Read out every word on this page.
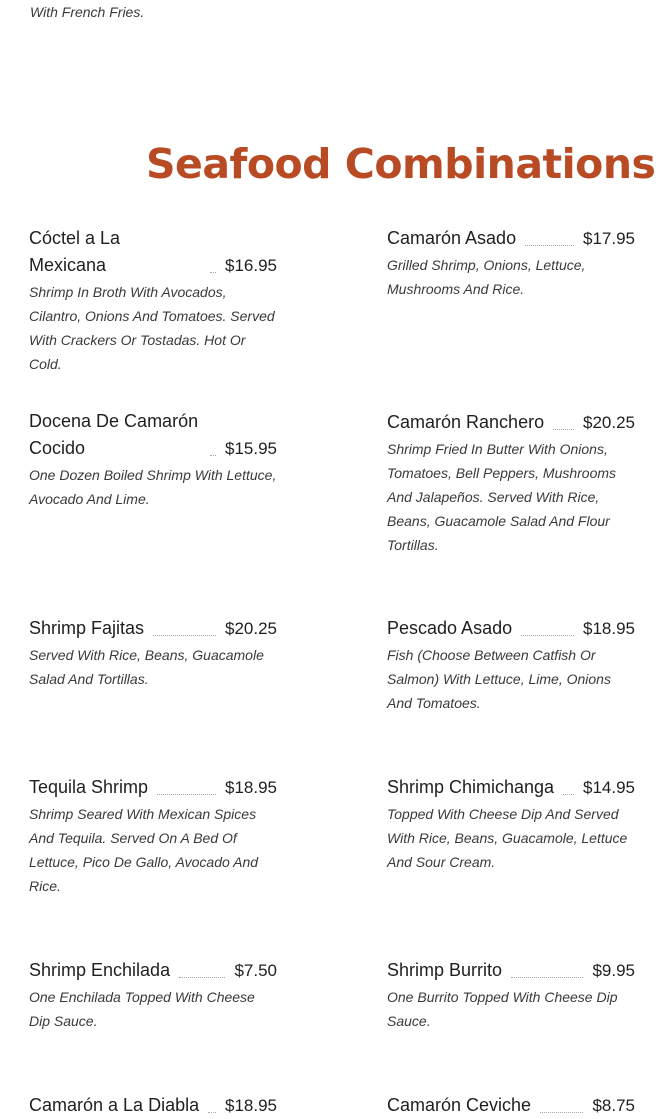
With French Fries.
Seafood Combinations
Cóctel a La Mexicana	$16.95
Shrimp In Broth With Avocados, Cilantro, Onions And Tomatoes. Served With Crackers Or Tostadas. Hot Or Cold.
Camarón Asado	$17.95
Grilled Shrimp, Onions, Lettuce, Mushrooms And Rice.
Docena De Camarón Cocido	$15.95
One Dozen Boiled Shrimp With Lettuce, Avocado And Lime.
Camarón Ranchero $20.25
Shrimp Fried In Butter With Onions, Tomatoes, Bell Peppers, Mushrooms And Jalapeños. Served With Rice, Beans, Guacamole Salad And Flour Tortillas.
Shrimp Fajitas	$20.25
Served With Rice, Beans, Guacamole Salad And Tortillas.
Pescado Asado	$18.95
Fish (Choose Between Catfish Or Salmon) With Lettuce, Lime, Onions And Tomatoes.
Tequila Shrimp	$18.95
Shrimp Seared With Mexican Spices And Tequila. Served On A Bed Of Lettuce, Pico De Gallo, Avocado And Rice.
Shrimp Chimichanga $14.95
Topped With Cheese Dip And Served With Rice, Beans, Guacamole, Lettuce And Sour Cream.
Shrimp Enchilada	$7.50
One Enchilada Topped With Cheese Dip Sauce.
Shrimp Burrito	$9.95
One Burrito Topped With Cheese Dip Sauce.
Camarón a La Diabla $18.95	Camarón Ceviche	$8.75
